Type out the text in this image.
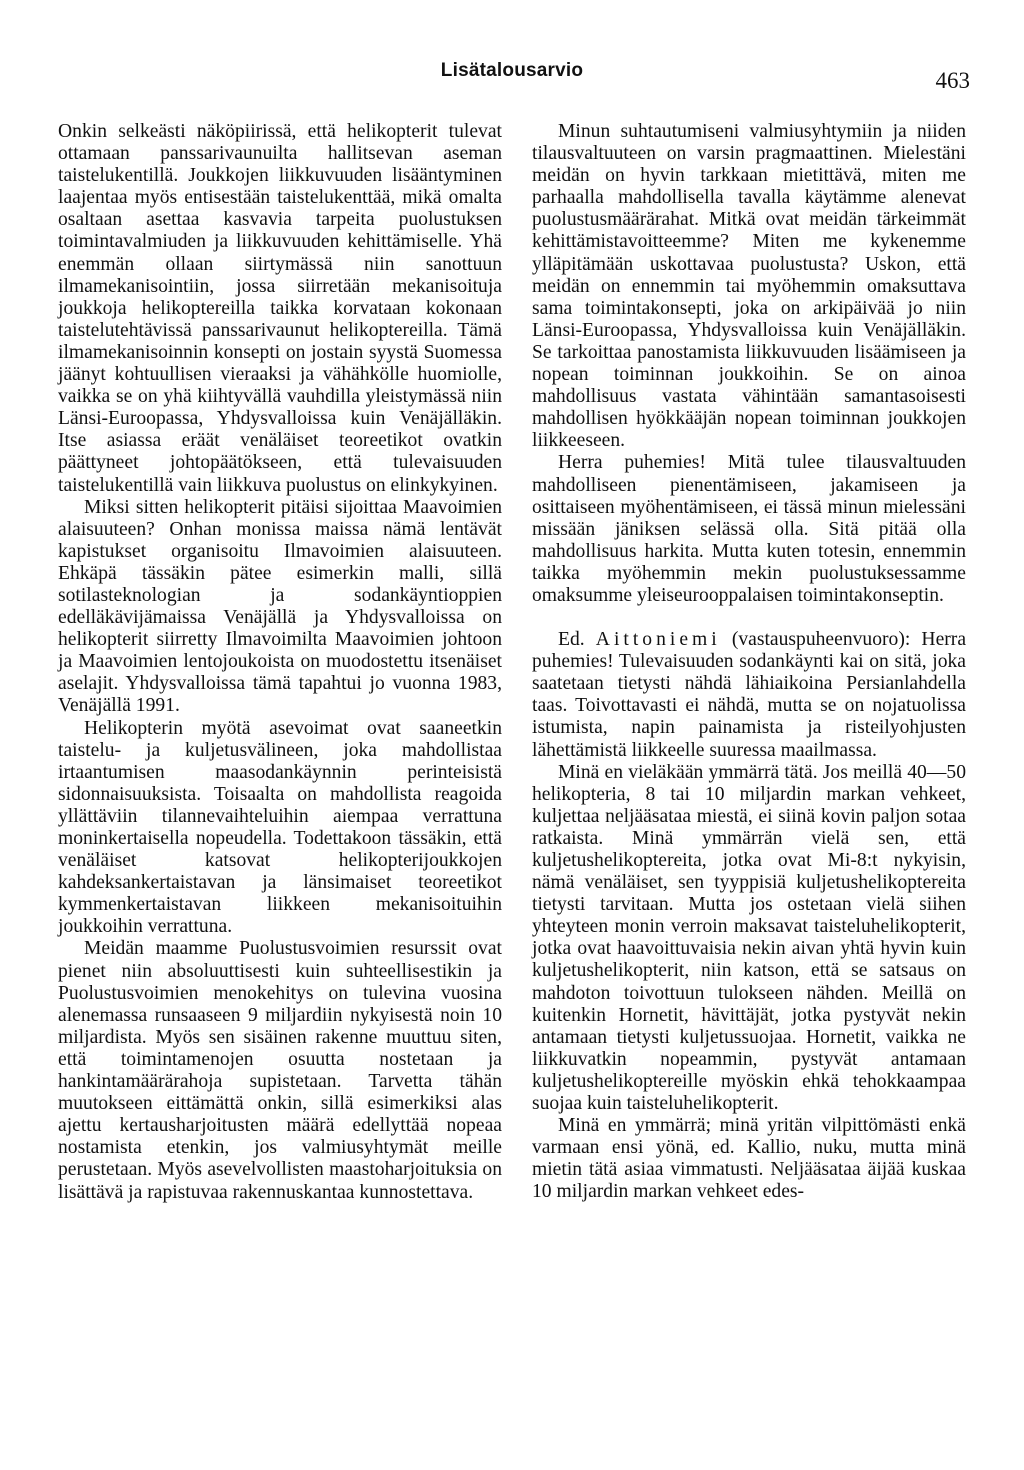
Lisätalousarvio	463

Onkin selkeästi näköpiirissä, että helikopterit tulevat ottamaan panssarivaunuilta hallitsevan aseman taistelukentillä. Joukkojen liikkuvuuden lisääntyminen laajentaa myös entisestään taistelukenttää, mikä omalta osaltaan asettaa kasvavia tarpeita puolustuksen toimintavalmiuden ja liikkuvuuden kehittämiselle. Yhä enemmän ollaan siirtymässä niin sanottuun ilmamekanisointiin, jossa siirretään mekanisoituja joukkoja helikoptereilla taikka korvataan kokonaan taistelutehtävissä panssarivaunut helikoptereilla. Tämä ilmamekanisoinnin konsepti on jostain syystä Suomessa jäänyt kohtuullisen vieraaksi ja vähähkölle huomiolle, vaikka se on yhä kiihtyvällä vauhdilla yleistymässä niin Länsi-Euroopassa, Yhdysvalloissa kuin Venäjälläkin. Itse asiassa eräät venäläiset teoreetikot ovatkin päättyneet johtopäätökseen, että tulevaisuuden taistelukentillä vain liikkuva puolustus on elinkykyinen.

Miksi sitten helikopterit pitäisi sijoittaa Maavoimien alaisuuteen? Onhan monissa maissa nämä lentävät kapistukset organisoitu Ilmavoimien alaisuuteen. Ehkäpä tässäkin pätee esimerkin malli, sillä sotilasteknologian ja sodankäyntioppien edelläkävijämaissa Venäjällä ja Yhdysvalloissa on helikopterit siirretty Ilmavoimilta Maavoimien johtoon ja Maavoimien lentojoukoista on muodostettu itsenäiset aselajit. Yhdysvalloissa tämä tapahtui jo vuonna 1983, Venäjällä 1991.

Helikopterin myötä asevoimat ovat saaneetkin taistelu- ja kuljetusvälineen, joka mahdollistaa irtaantumisen maasodankäynnin perinteisistä sidonnaisuuksista. Toisaalta on mahdollista reagoida yllättäviin tilannevaihteluihin aiempaa verrattuna moninkertaisella nopeudella. Todettakoon tässäkin, että venäläiset katsovat helikopterijoukkojen kahdeksankertaistavan ja länsimaiset teoreetikot kymmenkertaistavan liikkeen mekanisoituihin joukkoihin verrattuna.

Meidän maamme Puolustusvoimien resurssit ovat pienet niin absoluuttisesti kuin suhteellisestikin ja Puolustusvoimien menokehitys on tulevina vuosina alenemassa runsaaseen 9 miljardiin nykyisestä noin 10 miljardista. Myös sen sisäinen rakenne muuttuu siten, että toimintamenojen osuutta nostetaan ja hankintamäärärahoja supistetaan. Tarvetta tähän muutokseen eittämättä onkin, sillä esimerkiksi alas ajettu kertausharjoitusten määrä edellyttää nopeaa nostamista etenkin, jos valmiusyhtymät meille perustetaan. Myös asevelvollisten maastoharjoituksia on lisättävä ja rapistuvaa rakennuskantaa kunnostettava.

Minun suhtautumiseni valmiusyhtymiin ja niiden tilausvaltuuteen on varsin pragmaattinen. Mielestäni meidän on hyvin tarkkaan mietittävä, miten me parhaalla mahdollisella tavalla käytämme alenevat puolustusmäärärahat. Mitkä ovat meidän tärkeimmät kehittämistavoitteemme? Miten me kykenemme ylläpitämään uskottavaa puolustusta? Uskon, että meidän on ennemmin tai myöhemmin omaksuttava sama toimintakonsepti, joka on arkipäivää jo niin Länsi-Euroopassa, Yhdysvalloissa kuin Venäjälläkin. Se tarkoittaa panostamista liikkuvuuden lisäämiseen ja nopean toiminnan joukkoihin. Se on ainoa mahdollisuus vastata vähintään samantasoisesti mahdollisen hyökkääjän nopean toiminnan joukkojen liikkeeseen.

Herra puhemies! Mitä tulee tilausvaltuuden mahdolliseen pienentämiseen, jakamiseen ja osittaiseen myöhentämiseen, ei tässä minun mielessäni missään jäniksen selässä olla. Sitä pitää olla mahdollisuus harkita. Mutta kuten totesin, ennemmin taikka myöhemmin mekin puolustuksessamme omaksumme yleiseurooppalaisen toimintakonseptin.

Ed. Aittoniemi (vastauspuheenvuoro): Herra puhemies! Tulevaisuuden sodankäynti kai on sitä, joka saatetaan tietysti nähdä lähiaikoina Persianlahdella taas. Toivottavasti ei nähdä, mutta se on nojatuolissa istumista, napin painamista ja risteilyohjusten lähettämistä liikkeelle suuressa maailmassa.

Minä en vieläkään ymmärrä tätä. Jos meillä 40—50 helikopteria, 8 tai 10 miljardin markan vehkeet, kuljettaa neljääsataa miestä, ei siinä kovin paljon sotaa ratkaista. Minä ymmärrän vielä sen, että kuljetushelikoptereita, jotka ovat Mi-8:t nykyisin, nämä venäläiset, sen tyyppisiä kuljetushelikoptereita tietysti tarvitaan. Mutta jos ostetaan vielä siihen yhteyteen monin verroin maksavat taisteluhelikopterit, jotka ovat haavoittuvaisia nekin aivan yhtä hyvin kuin kuljetushelikopterit, niin katson, että se satsaus on mahdoton toivottuun tulokseen nähden. Meillä on kuitenkin Hornetit, hävittäjät, jotka pystyvät nekin antamaan tietysti kuljetussuojaa. Hornetit, vaikka ne liikkuvatkin nopeammin, pystyvät antamaan kuljetushelikoptereille myöskin ehkä tehokkaampaa suojaa kuin taisteluhelikopterit.

Minä en ymmärrä; minä yritän vilpittömästi enkä varmaan ensi yönä, ed. Kallio, nuku, mutta minä mietin tätä asiaa vimmatusti. Neljääsataa äijää kuskaa 10 miljardin markan vehkeet edes-
